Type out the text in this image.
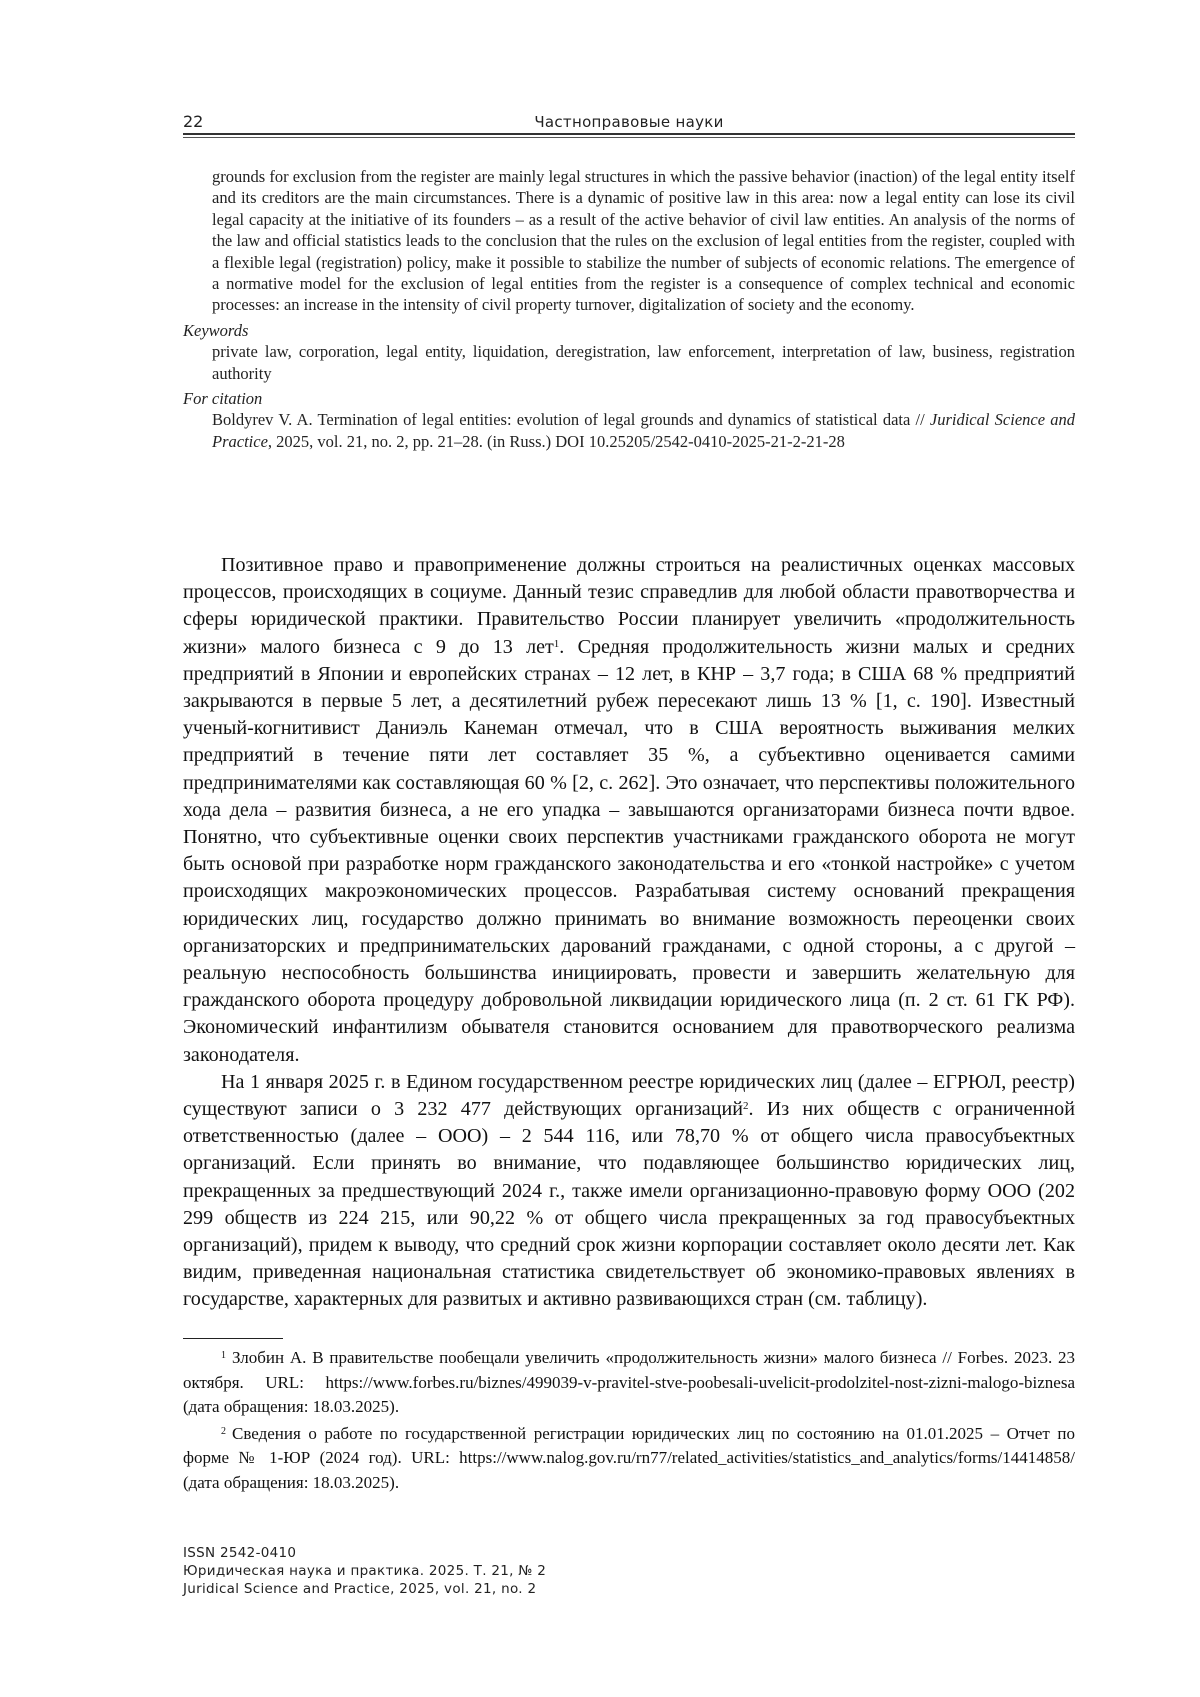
22	Частноправовые науки
grounds for exclusion from the register are mainly legal structures in which the passive behavior (inaction) of the legal entity itself and its creditors are the main circumstances. There is a dynamic of positive law in this area: now a legal entity can lose its civil legal capacity at the initiative of its founders – as a result of the active behavior of civil law entities. An analysis of the norms of the law and official statistics leads to the conclusion that the rules on the exclusion of legal entities from the register, coupled with a flexible legal (registration) policy, make it possible to stabilize the number of subjects of economic relations. The emergence of a normative model for the exclusion of legal entities from the register is a consequence of complex technical and economic processes: an increase in the intensity of civil property turnover, digitalization of society and the economy.
Keywords
private law, corporation, legal entity, liquidation, deregistration, law enforcement, interpretation of law, business, registration authority
For citation
Boldyrev V. A. Termination of legal entities: evolution of legal grounds and dynamics of statistical data // Juridical Science and Practice, 2025, vol. 21, no. 2, pp. 21–28. (in Russ.) DOI 10.25205/2542-0410-2025-21-2-21-28

Позитивное право и правоприменение должны строиться на реалистичных оценках массовых процессов, происходящих в социуме. Данный тезис справедлив для любой области правотворчества и сферы юридической практики. Правительство России планирует увеличить «продолжительность жизни» малого бизнеса с 9 до 13 лет$^1$. Средняя продолжительность жизни малых и средних предприятий в Японии и европейских странах – 12 лет, в КНР – 3,7 года; в США 68 % предприятий закрываются в первые 5 лет, а десятилетний рубеж пересекают лишь 13 % [1, с. 190]. Известный ученый-когнитивист Даниэль Канеман отмечал, что в США вероятность выживания мелких предприятий в течение пяти лет составляет 35 %, а субъективно оценивается самими предпринимателями как составляющая 60 % [2, с. 262]. Это означает, что перспективы положительного хода дела – развития бизнеса, а не его упадка – завышаются организаторами бизнеса почти вдвое. Понятно, что субъективные оценки своих перспектив участниками гражданского оборота не могут быть основой при разработке норм гражданского законодательства и его «тонкой настройке» с учетом происходящих макроэкономических процессов. Разрабатывая систему оснований прекращения юридических лиц, государство должно принимать во внимание возможность переоценки своих организаторских и предпринимательских дарований гражданами, с одной стороны, а с другой – реальную неспособность большинства инициировать, провести и завершить желательную для гражданского оборота процедуру добровольной ликвидации юридического лица (п. 2 ст. 61 ГК РФ). Экономический инфантилизм обывателя становится основанием для правотворческого реализма законодателя.

На 1 января 2025 г. в Едином государственном реестре юридических лиц (далее – ЕГРЮЛ, реестр) существуют записи о 3 232 477 действующих организаций$^2$. Из них обществ с ограниченной ответственностью (далее – ООО) – 2 544 116, или 78,70 % от общего числа правосубъектных организаций. Если принять во внимание, что подавляющее большинство юридических лиц, прекращенных за предшествующий 2024 г., также имели организационно-правовую форму ООО (202 299 обществ из 224 215, или 90,22 % от общего числа прекращенных за год правосубъектных организаций), придем к выводу, что средний срок жизни корпорации составляет около десяти лет. Как видим, приведенная национальная статистика свидетельствует об экономико-правовых явлениях в государстве, характерных для развитых и активно развивающихся стран (см. таблицу).

$^1$ Злобин А. В правительстве пообещали увеличить «продолжительность жизни» малого бизнеса // Forbes. 2023. 23 октября. URL: https://www.forbes.ru/biznes/499039-v-pravitel-stve-poobesali-uvelicit-prodolzitel-nost-zizni-malogo-biznesa (дата обращения: 18.03.2025).

$^2$ Сведения о работе по государственной регистрации юридических лиц по состоянию на 01.01.2025 – Отчет по форме № 1-ЮР (2024 год). URL: https://www.nalog.gov.ru/rn77/related_activities/statistics_and_analytics/forms/14414858/ (дата обращения: 18.03.2025).

ISSN 2542-0410
Юридическая наука и практика. 2025. Т. 21, № 2
Juridical Science and Practice, 2025, vol. 21, no. 2
